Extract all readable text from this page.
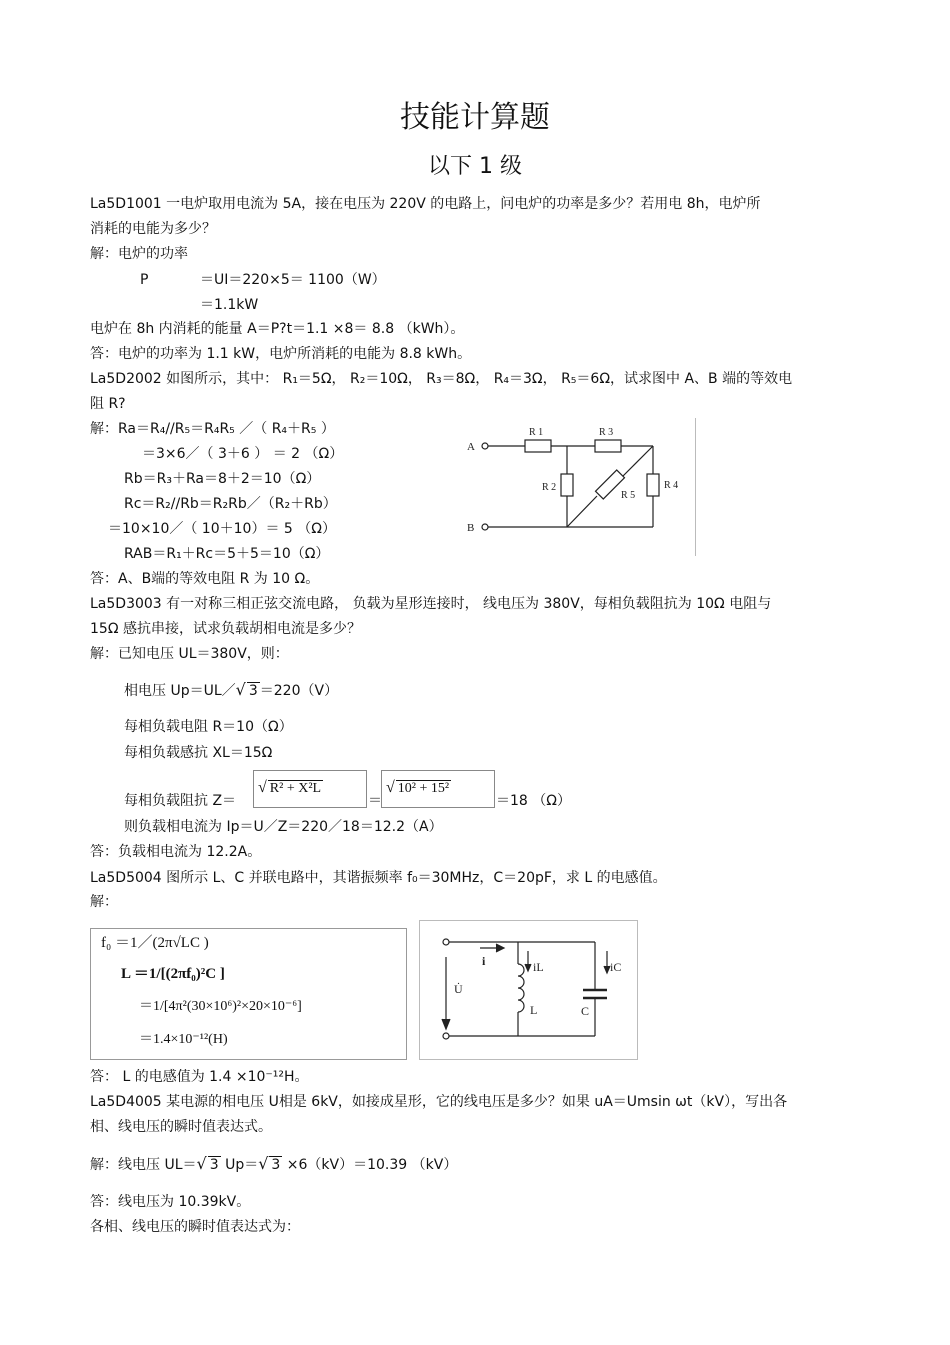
技能计算题
以下 1 级
La5D1001 一电炉取用电流为 5A，接在电压为 220V 的电路上，问电炉的功率是多少？若用电 8h，电炉所
消耗的电能为多少？
解：电炉的功率
P	＝UI＝220×5＝ 1100（W）
＝1.1kW
电炉在 8h 内消耗的能量 A＝P?t＝1.1 ×8＝ 8.8 （kWh）。
答：电炉的功率为 1.1 kW，电炉所消耗的电能为 8.8 kWh。
La5D2002 如图所示，其中： R₁＝5Ω， R₂＝10Ω， R₃＝8Ω， R₄＝3Ω， R₅＝6Ω，试求图中 A、B 端的等效电
阻 R?
解：Ra＝R₄//R₅＝R₄R₅ ／（ R₄＋R₅ ）
＝3×6／（ 3＋6 ） ＝ 2 （Ω）
Rb＝R₃＋Ra＝8＋2＝10（Ω）
Rc＝R₂//Rb＝R₂Rb／（R₂＋Rb）
＝10×10／（ 10＋10）＝ 5 （Ω）
RAB＝R₁＋Rc＝5＋5＝10（Ω）
答：A、B端的等效电阻 R 为 10 Ω。
A
B
R 1	R 3
R 2	R 4
R 5
La5D3003 有一对称三相正弦交流电路， 负载为星形连接时， 线电压为 380V，每相负载阻抗为 10Ω 电阻与
15Ω 感抗串接，试求负载胡相电流是多少？
解：已知电压 UL＝380V，则：
相电压 Up＝UL／√ 3 ＝220（V）
每相负载电阻 R＝10（Ω）
每相负载感抗 XL＝15Ω
每相负载阻抗 Z＝
√ R² + X²L
＝
√ 10² + 15²
＝18 （Ω）
则负载相电流为 Ip＝U／Z＝220／18＝12.2（A）
答：负载相电流为 12.2A。
La5D5004 图所示 L、C 并联电路中，其谐振频率 f₀＝30MHz，C＝20pF，求 L 的电感值。
解：
f₀ ＝1／(2π√LC )
L ＝1/[(2πf₀)²C ]
＝1/[4π²(30×10⁶)²×20×10⁻⁶]
＝1.4×10⁻¹²(H)
i	iL	iC
U̇
L	C
答： L 的电感值为 1.4 ×10⁻¹²H。
La5D4005 某电源的相电压 U相是 6kV，如接成星形，它的线电压是多少？如果 uA＝Umsin ωt（kV），写出各
相、线电压的瞬时值表达式。
解：线电压 UL＝√ 3 Up＝√ 3 ×6（kV）＝10.39 （kV）
答：线电压为 10.39kV。
各相、线电压的瞬时值表达式为：
